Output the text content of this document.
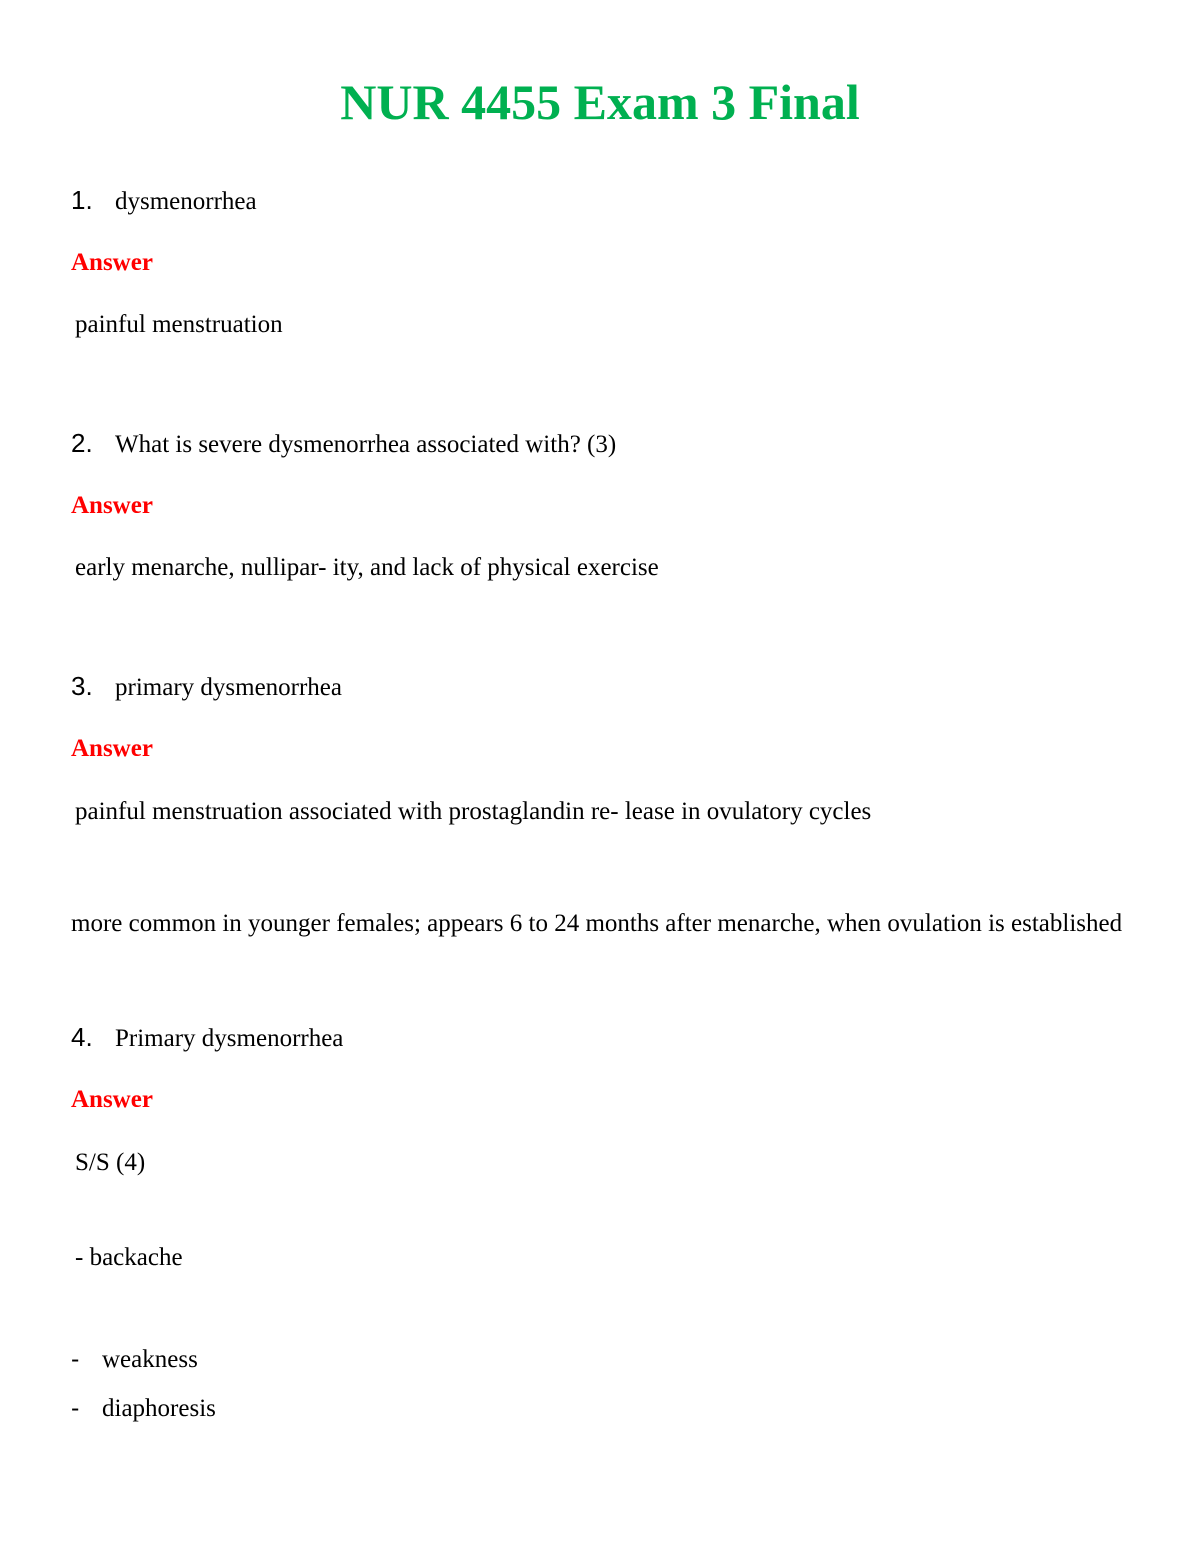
NUR 4455 Exam 3 Final
1. dysmenorrhea
Answer
painful menstruation
2. What is severe dysmenorrhea associated with? (3)
Answer
early menarche, nullipar- ity, and lack of physical exercise
3. primary dysmenorrhea
Answer
painful menstruation associated with prostaglandin re- lease in ovulatory cycles
more common in younger females; appears 6 to 24 months after menarche, when ovulation is established
4. Primary dysmenorrhea
Answer
S/S (4)
- backache
- weakness
- diaphoresis
